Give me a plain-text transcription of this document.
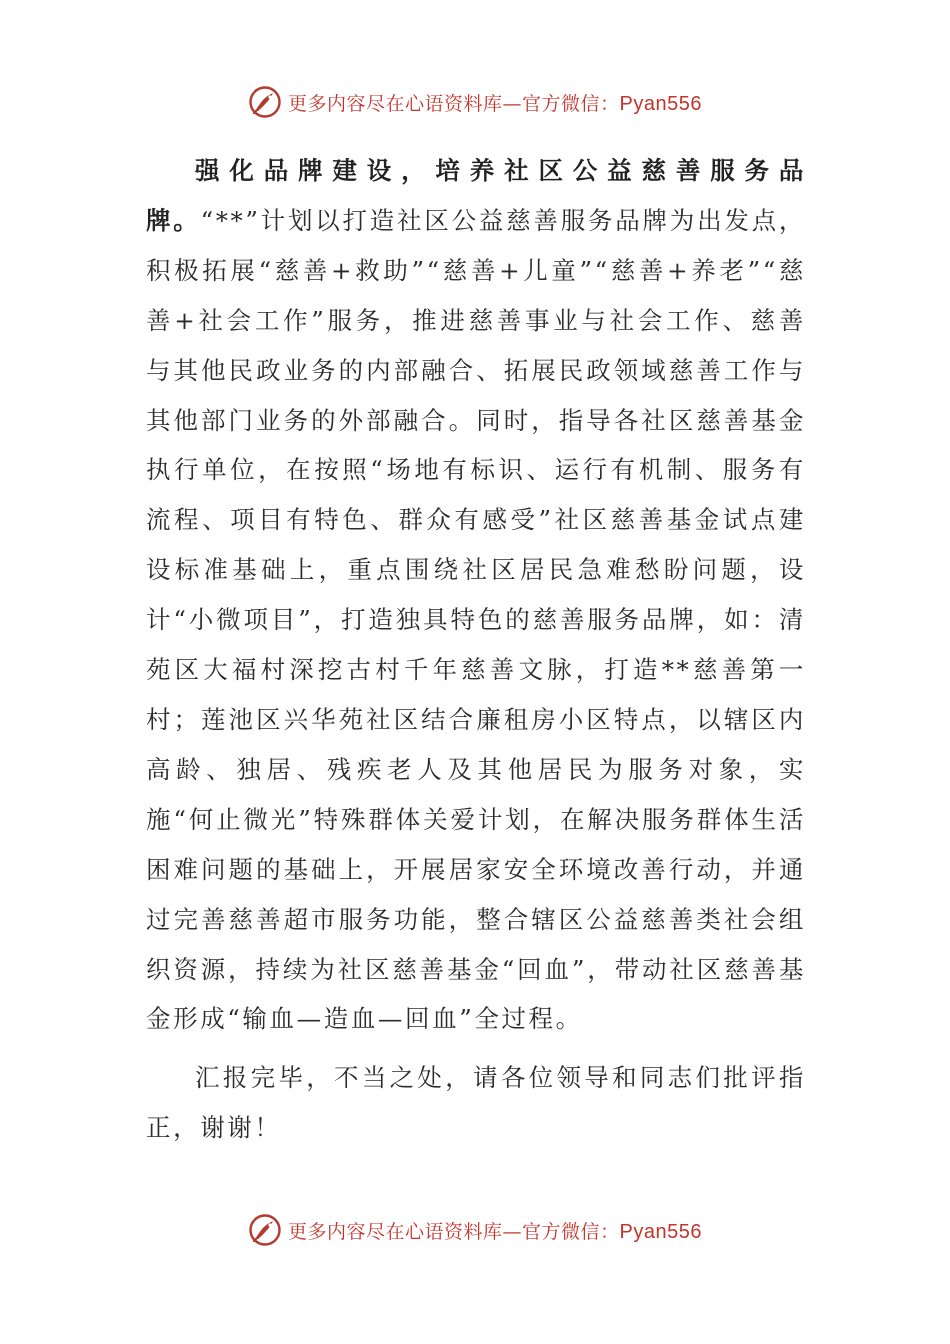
更多内容尽在心语资料库—官方微信：Pyan556

强化品牌建设，培养社区公益慈善服务品牌。“**”计划以打造社区公益慈善服务品牌为出发点，积极拓展“慈善+救助”“慈善+儿童”“慈善+养老”“慈善+社会工作”服务，推进慈善事业与社会工作、慈善与其他民政业务的内部融合、拓展民政领域慈善工作与其他部门业务的外部融合。同时，指导各社区慈善基金执行单位，在按照“场地有标识、运行有机制、服务有流程、项目有特色、群众有感受”社区慈善基金试点建设标准基础上，重点围绕社区居民急难愁盼问题，设计“小微项目”，打造独具特色的慈善服务品牌，如：清苑区大福村深挖古村千年慈善文脉，打造**慈善第一村；莲池区兴华苑社区结合廉租房小区特点，以辖区内高龄、独居、残疾老人及其他居民为服务对象，实施“何止微光”特殊群体关爱计划，在解决服务群体生活困难问题的基础上，开展居家安全环境改善行动，并通过完善慈善超市服务功能，整合辖区公益慈善类社会组织资源，持续为社区慈善基金“回血”，带动社区慈善基金形成“输血—造血—回血”全过程。

汇报完毕，不当之处，请各位领导和同志们批评指正，谢谢！

更多内容尽在心语资料库—官方微信：Pyan556
